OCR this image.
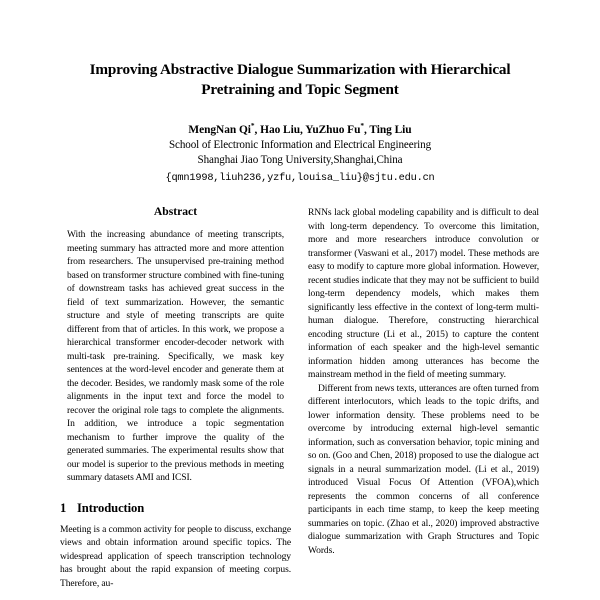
Improving Abstractive Dialogue Summarization with Hierarchical Pretraining and Topic Segment
MengNan Qi*, Hao Liu, YuZhuo Fu*, Ting Liu
School of Electronic Information and Electrical Engineering
Shanghai Jiao Tong University,Shanghai,China
{qmn1998,liuh236,yzfu,louisa_liu}@sjtu.edu.cn
Abstract

With the increasing abundance of meeting transcripts, meeting summary has attracted more and more attention from researchers. The unsupervised pre-training method based on transformer structure combined with fine-tuning of downstream tasks has achieved great success in the field of text summarization. However, the semantic structure and style of meeting transcripts are quite different from that of articles. In this work, we propose a hierarchical transformer encoder-decoder network with multi-task pre-training. Specifically, we mask key sentences at the word-level encoder and generate them at the decoder. Besides, we randomly mask some of the role alignments in the input text and force the model to recover the original role tags to complete the alignments. In addition, we introduce a topic segmentation mechanism to further improve the quality of the generated summaries. The experimental results show that our model is superior to the previous methods in meeting summary datasets AMI and ICSI.

1 Introduction

Meeting is a common activity for people to discuss, exchange views and obtain information around specific topics. The widespread application of speech transcription technology has brought about the rapid expansion of meeting corpus. Therefore, au-

RNNs lack global modeling capability and is difficult to deal with long-term dependency. To overcome this limitation, more and more researchers introduce convolution or transformer (Vaswani et al., 2017) model. These methods are easy to modify to capture more global information. However, recent studies indicate that they may not be sufficient to build long-term dependency models, which makes them significantly less effective in the context of long-term multi-human dialogue. Therefore, constructing hierarchical encoding structure (Li et al., 2015) to capture the content information of each speaker and the high-level semantic information hidden among utterances has become the mainstream method in the field of meeting summary.

Different from news texts, utterances are often turned from different interlocutors, which leads to the topic drifts, and lower information density. These problems need to be overcome by introducing external high-level semantic information, such as conversation behavior, topic mining and so on. (Goo and Chen, 2018) proposed to use the dialogue act signals in a neural summarization model. (Li et al., 2019) introduced Visual Focus Of Attention (VFOA),which represents the common concerns of all conference participants in each time stamp, to keep the keep meeting summaries on topic. (Zhao et al., 2020) improved abstractive dialogue summarization with Graph Structures and Topic Words.
